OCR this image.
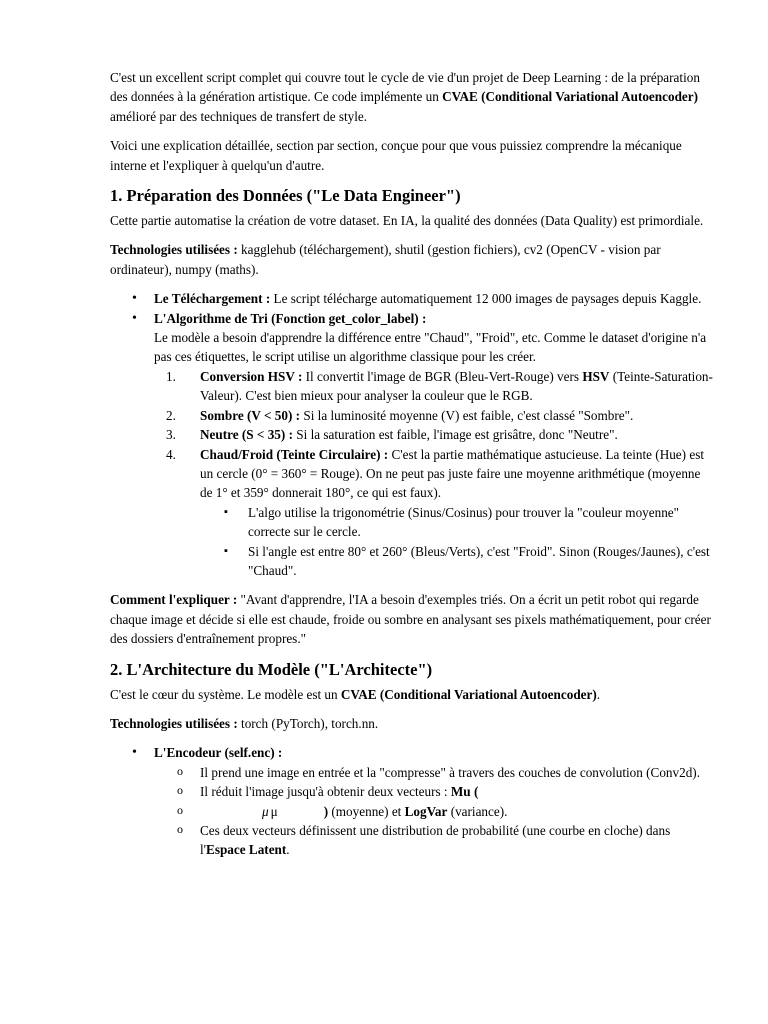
C'est un excellent script complet qui couvre tout le cycle de vie d'un projet de Deep Learning : de la préparation des données à la génération artistique. Ce code implémente un CVAE (Conditional Variational Autoencoder) amélioré par des techniques de transfert de style.

Voici une explication détaillée, section par section, conçue pour que vous puissiez comprendre la mécanique interne et l'expliquer à quelqu'un d'autre.

1. Préparation des Données ("Le Data Engineer")

Cette partie automatise la création de votre dataset. En IA, la qualité des données (Data Quality) est primordiale.

Technologies utilisées : kagglehub (téléchargement), shutil (gestion fichiers), cv2 (OpenCV - vision par ordinateur), numpy (maths).

• Le Téléchargement : Le script télécharge automatiquement 12 000 images de paysages depuis Kaggle.
• L'Algorithme de Tri (Fonction get_color_label) :
Le modèle a besoin d'apprendre la différence entre "Chaud", "Froid", etc. Comme le dataset d'origine n'a pas ces étiquettes, le script utilise un algorithme classique pour les créer.
1. Conversion HSV : Il convertit l'image de BGR (Bleu-Vert-Rouge) vers HSV (Teinte-Saturation-Valeur). C'est bien mieux pour analyser la couleur que le RGB.
2. Sombre (V < 50) : Si la luminosité moyenne (V) est faible, c'est classé "Sombre".
3. Neutre (S < 35) : Si la saturation est faible, l'image est grisâtre, donc "Neutre".
4. Chaud/Froid (Teinte Circulaire) : C'est la partie mathématique astucieuse. La teinte (Hue) est un cercle (0° = 360° = Rouge). On ne peut pas juste faire une moyenne arithmétique (moyenne de 1° et 359° donnerait 180°, ce qui est faux).
▪ L'algo utilise la trigonométrie (Sinus/Cosinus) pour trouver la "couleur moyenne" correcte sur le cercle.
▪ Si l'angle est entre 80° et 260° (Bleus/Verts), c'est "Froid". Sinon (Rouges/Jaunes), c'est "Chaud".

Comment l'expliquer : "Avant d'apprendre, l'IA a besoin d'exemples triés. On a écrit un petit robot qui regarde chaque image et décide si elle est chaude, froide ou sombre en analysant ses pixels mathématiquement, pour créer des dossiers d'entraînement propres."

2. L'Architecture du Modèle ("L'Architecte")

C'est le cœur du système. Le modèle est un CVAE (Conditional Variational Autoencoder).

Technologies utilisées : torch (PyTorch), torch.nn.

• L'Encodeur (self.enc) :
o Il prend une image en entrée et la "compresse" à travers des couches de convolution (Conv2d).
o Il réduit l'image jusqu'à obtenir deux vecteurs : Mu (
o μ μ	) (moyenne) et LogVar (variance).
o Ces deux vecteurs définissent une distribution de probabilité (une courbe en cloche) dans l'Espace Latent.
